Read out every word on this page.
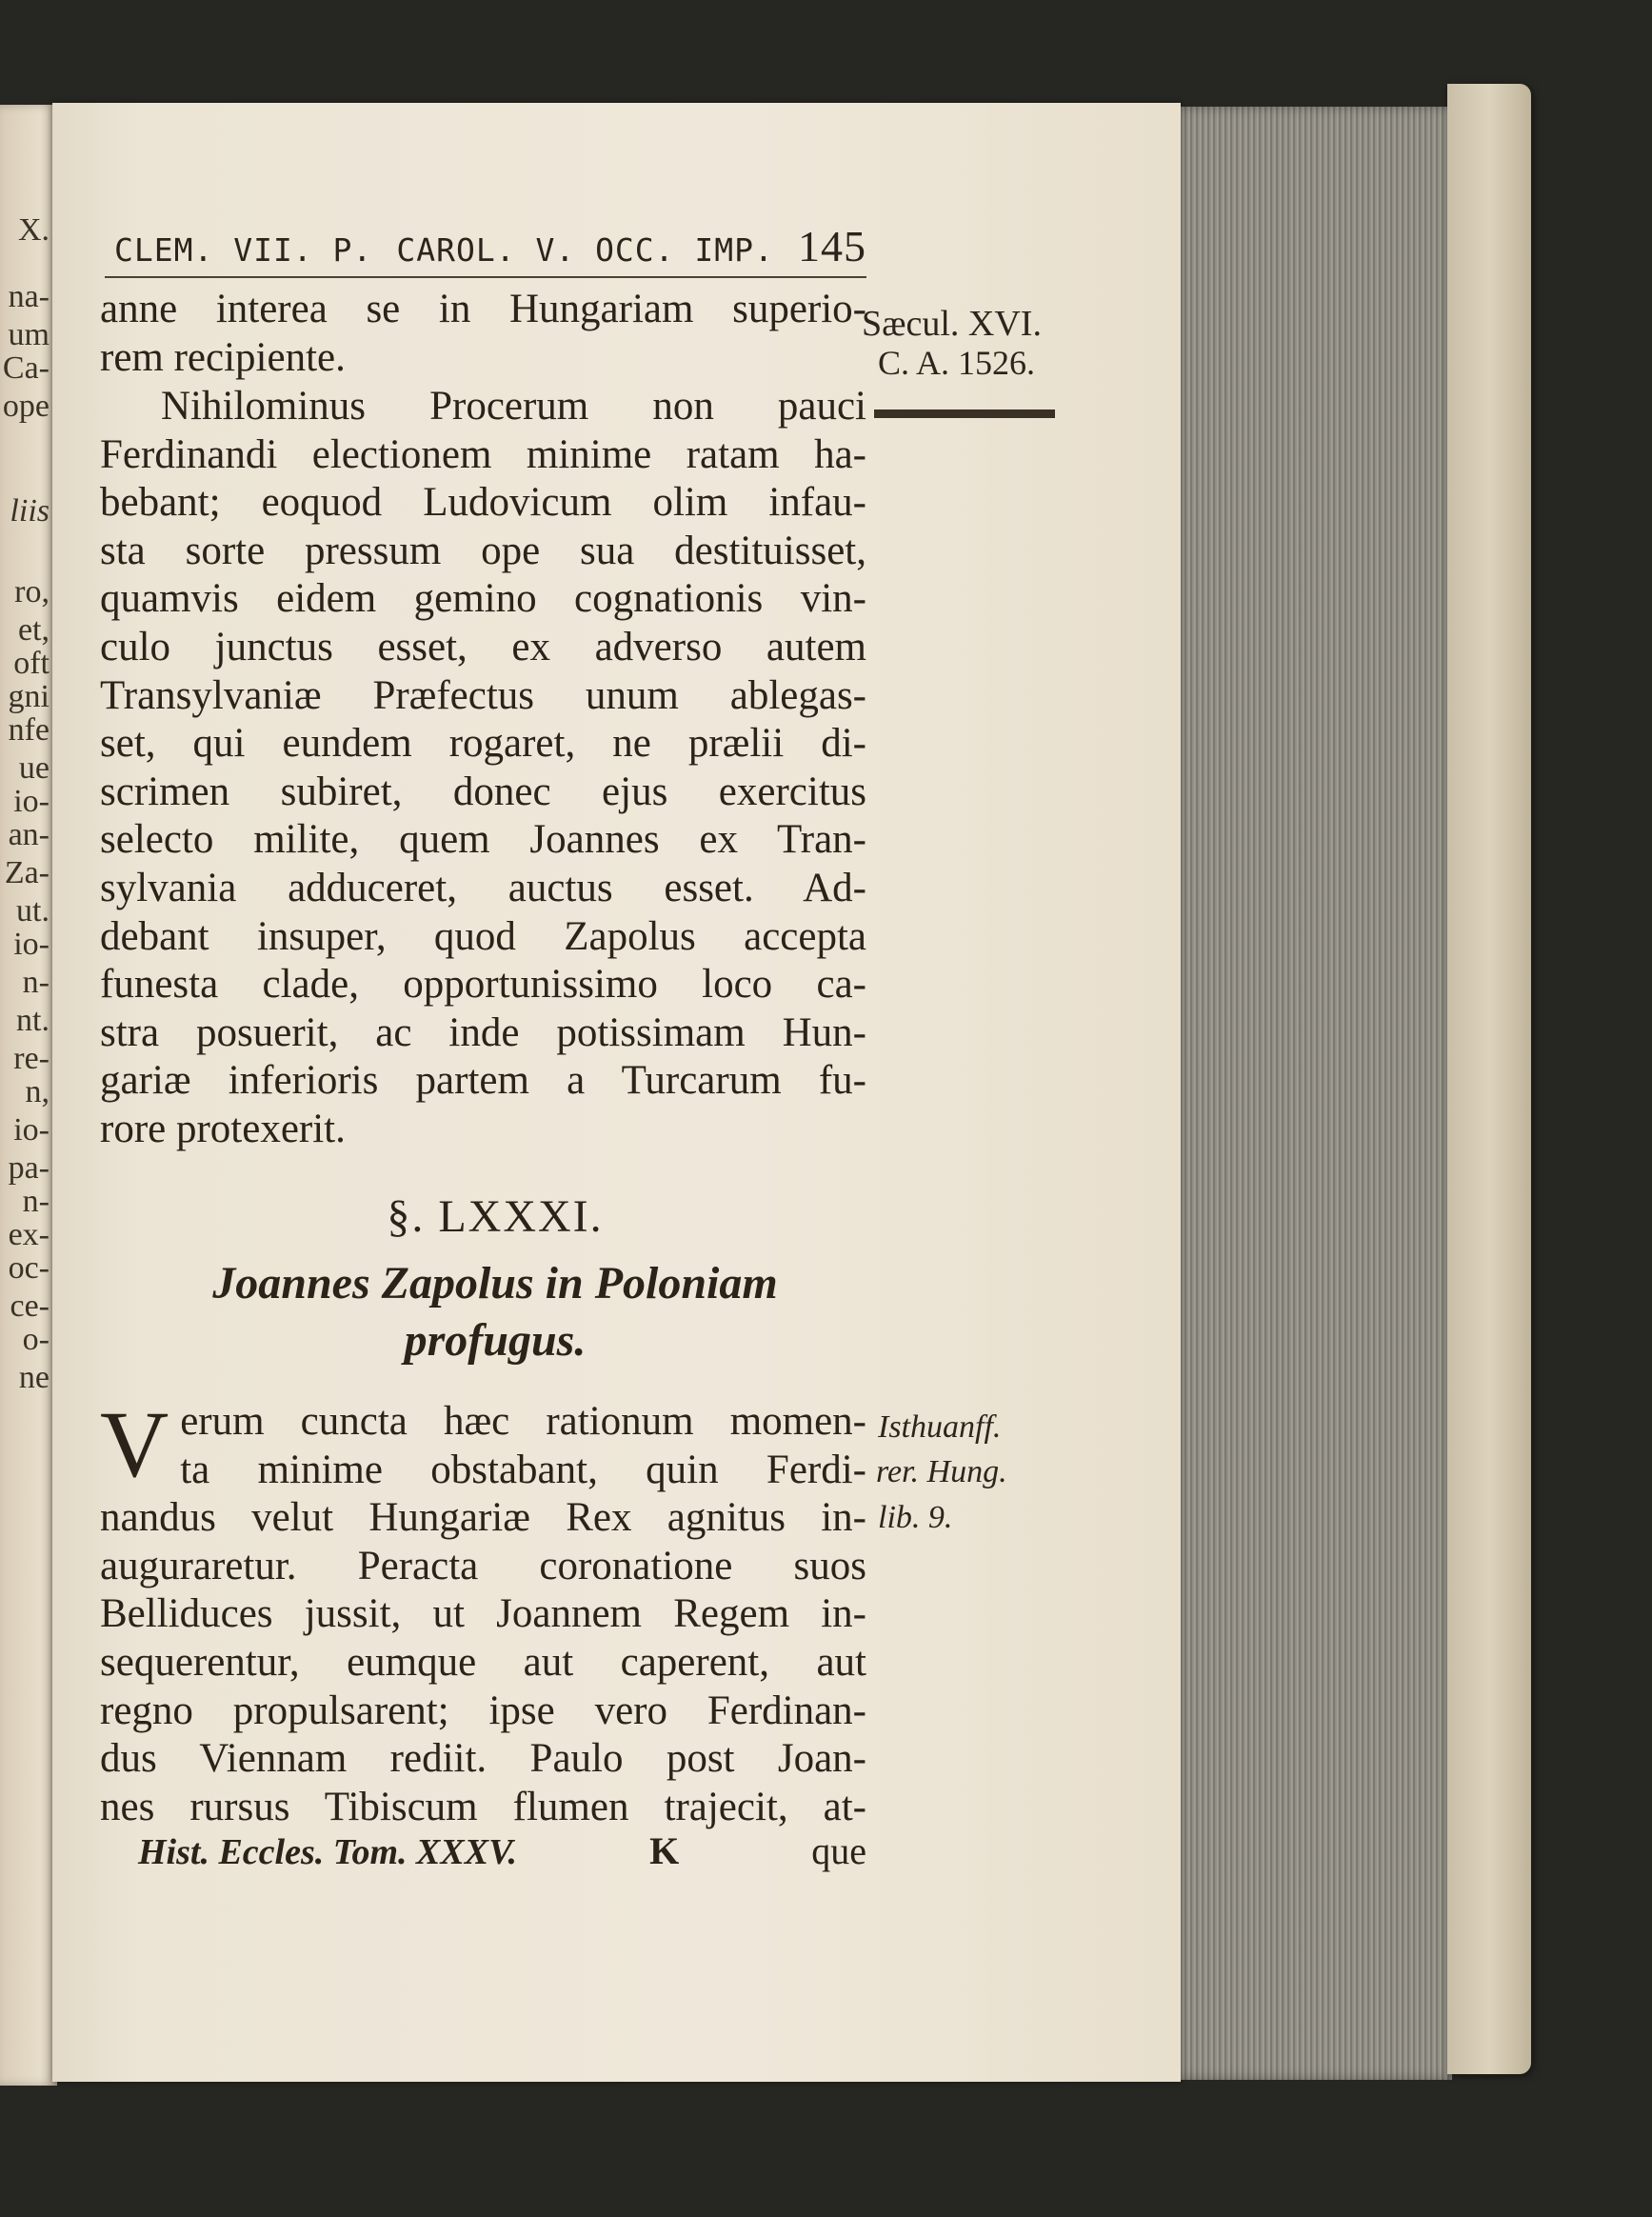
X.
na-
um
Ca-
ope
liis
ro,
et,
oft
gni
nfe
ue
io-
an-
Za-
ut.
io-
n-
nt.
re-
n,
io-
pa-
n-
ex-
oc-
ce-
o-
ne
CLEM. VII. P. CAROL. V. OCC. IMP. 145
Sæcul. XVI.
C. A. 1526.
anne interea se in Hungariam superio-
rem recipiente.
Nihilominus Procerum non pauci
Ferdinandi electionem minime ratam ha-
bebant; eoquod Ludovicum olim infau-
sta sorte pressum ope sua destituisset,
quamvis eidem gemino cognationis vin-
culo junctus esset, ex adverso autem
Transylvaniæ Præfectus unum ablegas-
set, qui eundem rogaret, ne prælii di-
scrimen subiret, donec ejus exercitus
selecto milite, quem Joannes ex Tran-
sylvania adduceret, auctus esset. Ad-
debant insuper, quod Zapolus accepta
funesta clade, opportunissimo loco ca-
stra posuerit, ac inde potissimam Hun-
gariæ inferioris partem a Turcarum fu-
rore protexerit.
§. LXXXI.
Joannes Zapolus in Poloniam
profugus.
V erum cuncta hæc rationum momen-
ta minime obstabant, quin Ferdi-
nandus velut Hungariæ Rex agnitus in-
auguraretur. Peracta coronatione suos
Belliduces jussit, ut Joannem Regem in-
sequerentur, eumque aut caperent, aut
regno propulsarent; ipse vero Ferdinan-
dus Viennam rediit. Paulo post Joan-
nes rursus Tibiscum flumen trajecit, at-
Isthuanff.
rer. Hung.
lib. 9.
Hist. Eccles. Tom. XXXV.	K	que
